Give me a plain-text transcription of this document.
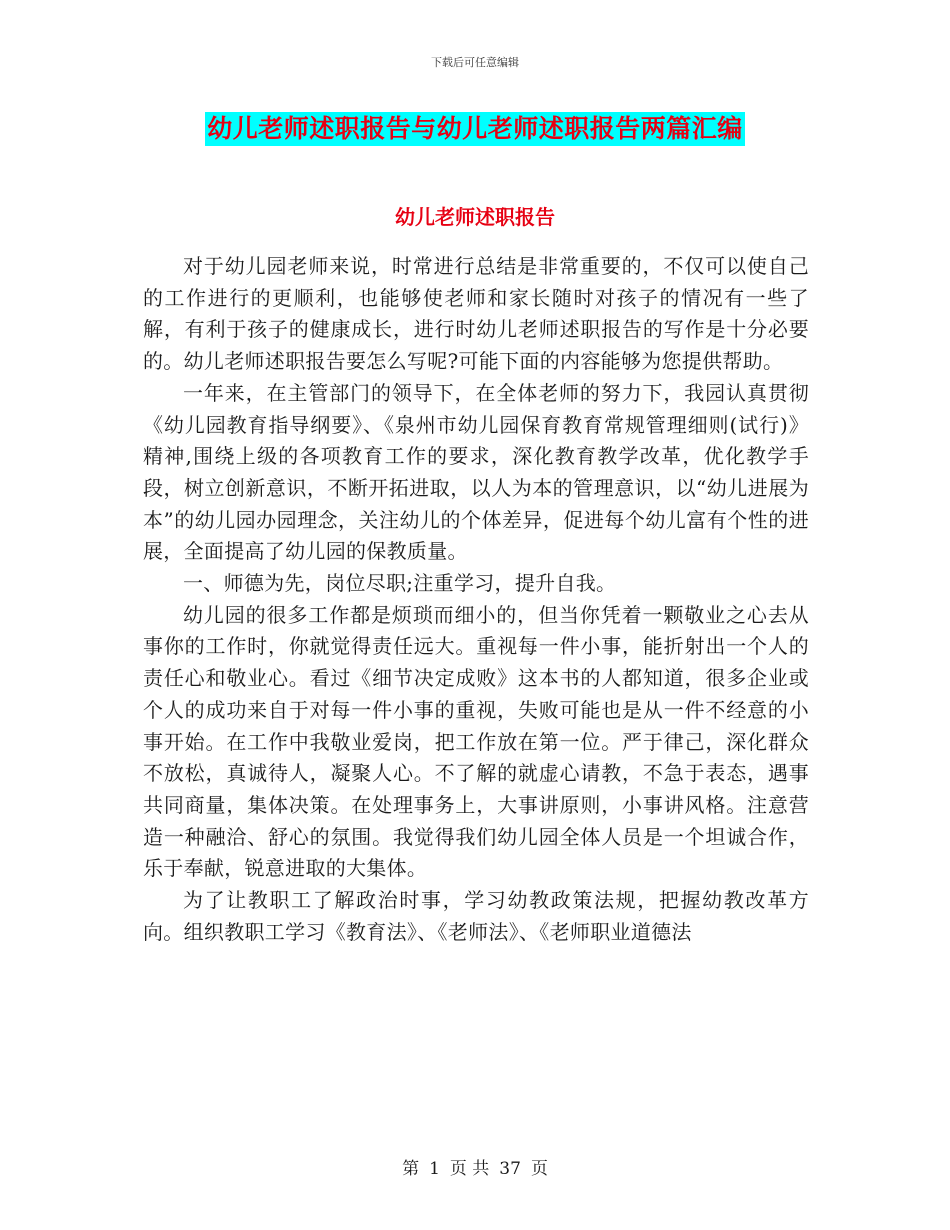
下载后可任意编辑
幼儿老师述职报告与幼儿老师述职报告两篇汇编
幼儿老师述职报告

对于幼儿园老师来说，时常进行总结是非常重要的，不仅可以使自己的工作进行的更顺利，也能够使老师和家长随时对孩子的情况有一些了解，有利于孩子的健康成长，进行时幼儿老师述职报告的写作是十分必要的。幼儿老师述职报告要怎么写呢?可能下面的内容能够为您提供帮助。

一年来，在主管部门的领导下，在全体老师的努力下，我园认真贯彻《幼儿园教育指导纲要》、《泉州市幼儿园保育教育常规管理细则(试行)》精神,围绕上级的各项教育工作的要求，深化教育教学改革，优化教学手段，树立创新意识，不断开拓进取，以人为本的管理意识，以“幼儿进展为本”的幼儿园办园理念，关注幼儿的个体差异，促进每个幼儿富有个性的进展，全面提高了幼儿园的保教质量。

一、师德为先，岗位尽职;注重学习，提升自我。

幼儿园的很多工作都是烦琐而细小的，但当你凭着一颗敬业之心去从事你的工作时，你就觉得责任远大。重视每一件小事，能折射出一个人的责任心和敬业心。看过《细节决定成败》这本书的人都知道，很多企业或个人的成功来自于对每一件小事的重视，失败可能也是从一件不经意的小事开始。在工作中我敬业爱岗，把工作放在第一位。严于律己，深化群众不放松，真诚待人，凝聚人心。不了解的就虚心请教，不急于表态，遇事共同商量，集体决策。在处理事务上，大事讲原则，小事讲风格。注意营造一种融洽、舒心的氛围。我觉得我们幼儿园全体人员是一个坦诚合作，乐于奉献，锐意进取的大集体。

为了让教职工了解政治时事，学习幼教政策法规，把握幼教改革方向。组织教职工学习《教育法》、《老师法》、《老师职业道德法

第 1 页 共 37 页
